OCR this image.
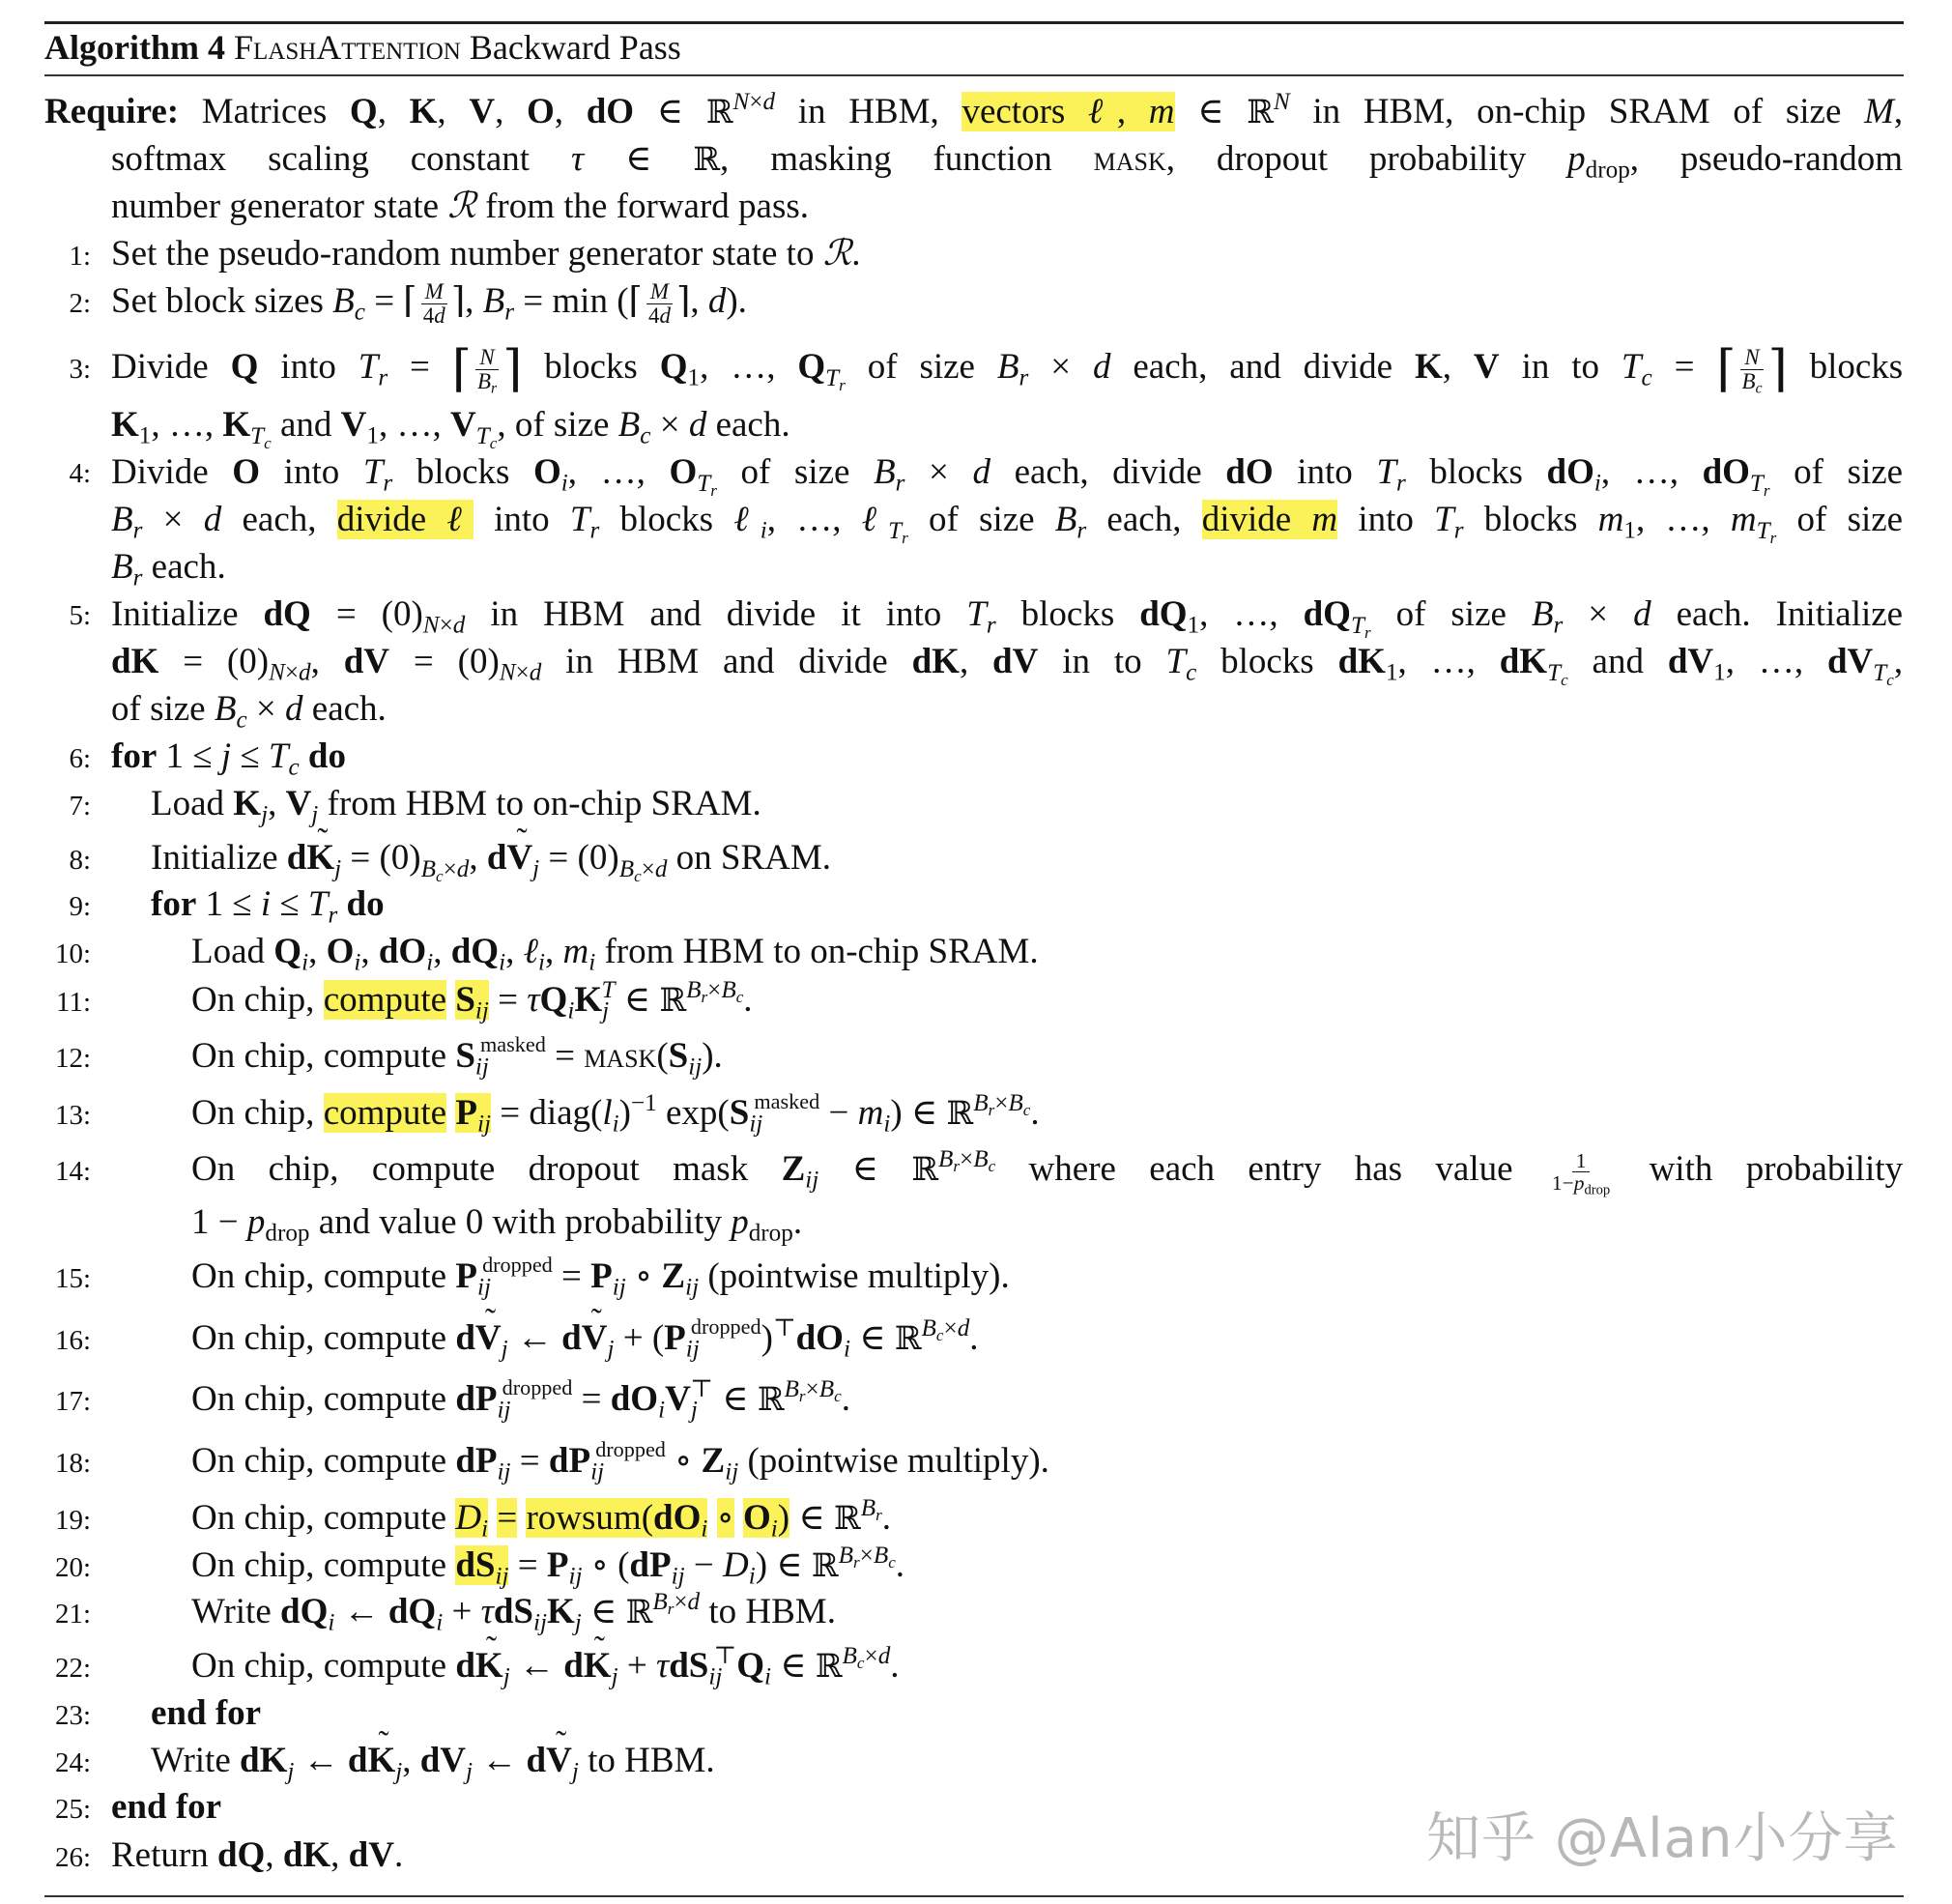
Algorithm 4 FlashAttention Backward Pass
Require: Matrices Q, K, V, O, dO ∈ ℝ$^{N\times d}$ in HBM, vectors ℓ, m ∈ ℝ$^N$ in HBM, on-chip SRAM of size M,
softmax scaling constant τ ∈ ℝ, masking function mask, dropout probability $p_{drop}$, pseudo-random
number generator state ℛ from the forward pass.
1:
2:
3:
4:
5:
6:
7:
8:
9:
10:
11:
12:
13:
14:
15:
16:
17:
18:
19:
20:
21:
22:
23:
24:
25:
26:
Set the pseudo-random number generator state to ℛ.
Set block sizes $B_c$ = ⌈ $\frac{M}{4d}$ ⌉, $B_r = \min$ (⌈ $\frac{M}{4d}$ ⌉, d).
Divide Q into $T_r$ = ⌈ $\frac{N}{B_r}$ ⌉ blocks $Q_1$, …, $Q_{T_r}$ of size $B_r \times d$ each, and divide K, V in to $T_c$ = ⌈ $\frac{N}{B_c}$ ⌉ blocks
$K_1$, …, $K_{T_c}$ and $V_1$, …, $V_{T_c}$, of size $B_c \times d$ each.
Divide O into $T_r$ blocks $O_i$, …, $O_{T_r}$ of size $B_r \times d$ each, divide dO into $T_r$ blocks $dO_i$, …, $dO_{T_r}$ of size
$B_r \times d$ each, divide ℓ into $T_r$ blocks ℓ$_i$, …, ℓ$_{T_r}$ of size $B_r$ each, divide m into $T_r$ blocks $m_1$, …, $m_{T_r}$ of size
$B_r$ each.
Initialize dQ = $(0)_{N\times d}$ in HBM and divide it into $T_r$ blocks $dQ_1$, …, $dQ_{T_r}$ of size $B_r \times d$ each. Initialize
dK = $(0)_{N\times d}$, dV = $(0)_{N\times d}$ in HBM and divide dK, dV in to $T_c$ blocks $dK_1$, …, $dK_{T_c}$ and $dV_1$, …, $dV_{T_c}$,
of size $B_c \times d$ each.
for $1 \le j \le T_c$ do
Load $K_j$, $V_j$ from HBM to on-chip SRAM.
Initialize d˜ $K_j = (0)_{B_c\times d}$, d˜ $V_j = (0)_{B_c\times d}$ on SRAM.
for $1 \le i \le T_r$ do
Load $Q_i$, $O_i$, $dO_i$, $dQ_i$, ℓ$_i$, $m_i$ from HBM to on-chip SRAM.
On chip, compute $S_{ij} = \tau Q_iK_j^T$ ∈ ℝ$^{B_r\times B_c}$.
On chip, compute $S_{ij}^{masked}$ = $mask(S_{ij})$.
On chip, compute $P_{ij}$ = $diag(l_i)^{-1}$ $\exp(S_{ij}^{masked} - m_i)$ ∈ ℝ$^{B_r\times B_c}$.
On chip, compute dropout mask $Z_{ij}$ ∈ ℝ$^{B_r\times B_c}$ where each entry has value $\frac{1}{1-p_{drop}}$ with probability
$1 - p_{drop}$ and value 0 with probability $p_{drop}$.
On chip, compute $P_{ij}^{dropped} = P_{ij}$ ∘ $Z_{ij}$ (pointwise multiply).
On chip, compute d˜ $V_j$ ← d˜ $V_j + (P_{ij}^{dropped})^⊤dO_i$ ∈ ℝ$^{B_c\times d}$.
On chip, compute $dP_{ij}^{dropped} = dO_iV_j^⊤$ ∈ ℝ$^{B_r\times B_c}$.
On chip, compute $dP_{ij} = dP_{ij}^{dropped}$ ∘ $Z_{ij}$ (pointwise multiply).
On chip, compute $D_i$ = $rowsum(dO_i$ ∘ $O_i$) ∈ ℝ$^{B_r}$.
On chip, compute $dS_{ij} = P_{ij}$ ∘ $(dP_{ij} - D_i)$ ∈ ℝ$^{B_r\times B_c}$.
Write $dQ_i$ ← $dQ_i + \tau dS_{ij}K_j$ ∈ ℝ$^{B_r\times d}$ to HBM.
On chip, compute d˜ $K_j$ ← d˜ $K_j + \tau dS_{ij}^⊤Q_i$ ∈ ℝ$^{B_c\times d}$.
end for
Write $dK_j$ ← d˜ $K_j$, $dV_j$ ← d˜ $V_j$ to HBM.
end for
Return dQ, dK, dV.	知乎 @Alan小分享
